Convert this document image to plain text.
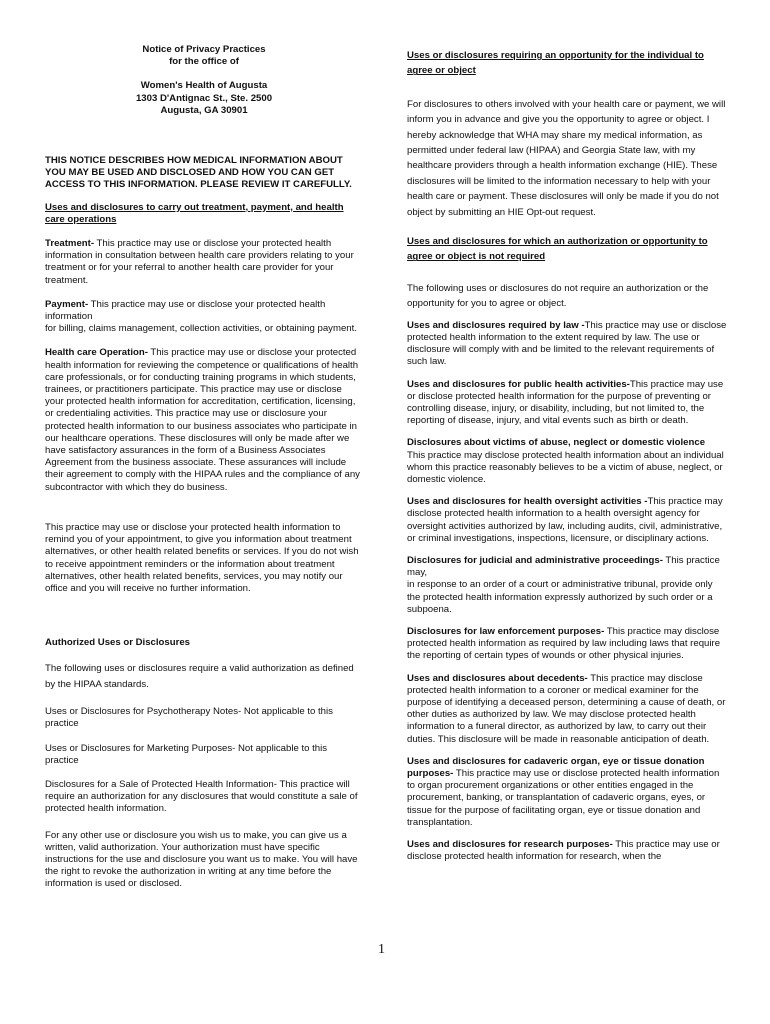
Notice of Privacy Practices

for the office of

Women's Health of Augusta

1303 D'Antignac St., Ste. 2500

Augusta, GA 30901

THIS NOTICE DESCRIBES HOW MEDICAL INFORMATION ABOUT YOU MAY BE USED AND DISCLOSED AND HOW YOU CAN GET ACCESS TO THIS INFORMATION. PLEASE REVIEW IT CAREFULLY.

Uses and disclosures to carry out treatment, payment, and health care operations

Treatment- This practice may use or disclose your protected health information in consultation between health care providers relating to your treatment or for your referral to another health care provider for your treatment.

Payment- This practice may use or disclose your protected health information

for billing, claims management, collection activities, or obtaining payment.

Health care Operation- This practice may use or disclose your protected health information for reviewing the competence or qualifications of health care professionals, or for conducting training programs in which students, trainees, or practitioners participate. This practice may use or disclose your protected health information for accreditation, certification, licensing, or credentialing activities. This practice may use or disclosure your protected health information to our business associates who participate in our healthcare operations. These disclosures will only be made after we have satisfactory assurances in the form of a Business Associates Agreement from the business associate. These assurances will include their agreement to comply with the HIPAA rules and the compliance of any subcontractor with which they do business.

This practice may use or disclose your protected health information to remind you of your appointment, to give you information about treatment alternatives, or other health related benefits or services. If you do not wish to receive appointment reminders or the information about treatment alternatives, other health related benefits, services, you may notify our office and you will receive no further information.

Authorized Uses or Disclosures

The following uses or disclosures require a valid authorization as defined by the HIPAA standards.

Uses or Disclosures for Psychotherapy Notes- Not applicable to this practice

Uses or Disclosures for Marketing Purposes- Not applicable to this practice

Disclosures for a Sale of Protected Health Information- This practice will require an authorization for any disclosures that would constitute a sale of protected health information.

For any other use or disclosure you wish us to make, you can give us a written, valid authorization. Your authorization must have specific instructions for the use and disclosure you want us to make. You will have the right to revoke the authorization in writing at any time before the information is used or disclosed.

Uses or disclosures requiring an opportunity for the individual to agree or object

For disclosures to others involved with your health care or payment, we will inform you in advance and give you the opportunity to agree or object. I hereby acknowledge that WHA may share my medical information, as permitted under federal law (HIPAA) and Georgia State law, with my healthcare providers through a health information exchange (HIE). These disclosures will be limited to the information necessary to help with your health care or payment. These disclosures will only be made if you do not object by submitting an HIE Opt-out request.

Uses and disclosures for which an authorization or opportunity to agree or object is not required

The following uses or disclosures do not require an authorization or the opportunity for you to agree or object.

Uses and disclosures required by law -This practice may use or disclose protected health information to the extent required by law. The use or disclosure will comply with and be limited to the relevant requirements of such law.

Uses and disclosures for public health activities-This practice may use or disclose protected health information for the purpose of preventing or controlling disease, injury, or disability, including, but not limited to, the reporting of disease, injury, and vital events such as birth or death.

Disclosures about victims of abuse, neglect or domestic violence
This practice may disclose protected health information about an individual whom this practice reasonably believes to be a victim of abuse, neglect, or domestic violence.

Uses and disclosures for health oversight activities -This practice may disclose protected health information to a health oversight agency for oversight activities authorized by law, including audits, civil, administrative, or criminal investigations, inspections, licensure, or disciplinary actions.

Disclosures for judicial and administrative proceedings- This practice may,

in response to an order of a court or administrative tribunal, provide only the protected health information expressly authorized by such order or a subpoena.

Disclosures for law enforcement purposes- This practice may disclose protected health information as required by law including laws that require the reporting of certain types of wounds or other physical injuries.

Uses and disclosures about decedents- This practice may disclose protected health information to a coroner or medical examiner for the purpose of identifying a deceased person, determining a cause of death, or other duties as authorized by law. We may disclose protected health information to a funeral director, as authorized by law, to carry out their duties. This disclosure will be made in reasonable anticipation of death.

Uses and disclosures for cadaveric organ, eye or tissue donation purposes- This practice may use or disclose protected health information to organ procurement organizations or other entities engaged in the procurement, banking, or transplantation of cadaveric organs, eyes, or tissue for the purpose of facilitating organ, eye or tissue donation and transplantation.

Uses and disclosures for research purposes- This practice may use or disclose protected health information for research, when the

1
